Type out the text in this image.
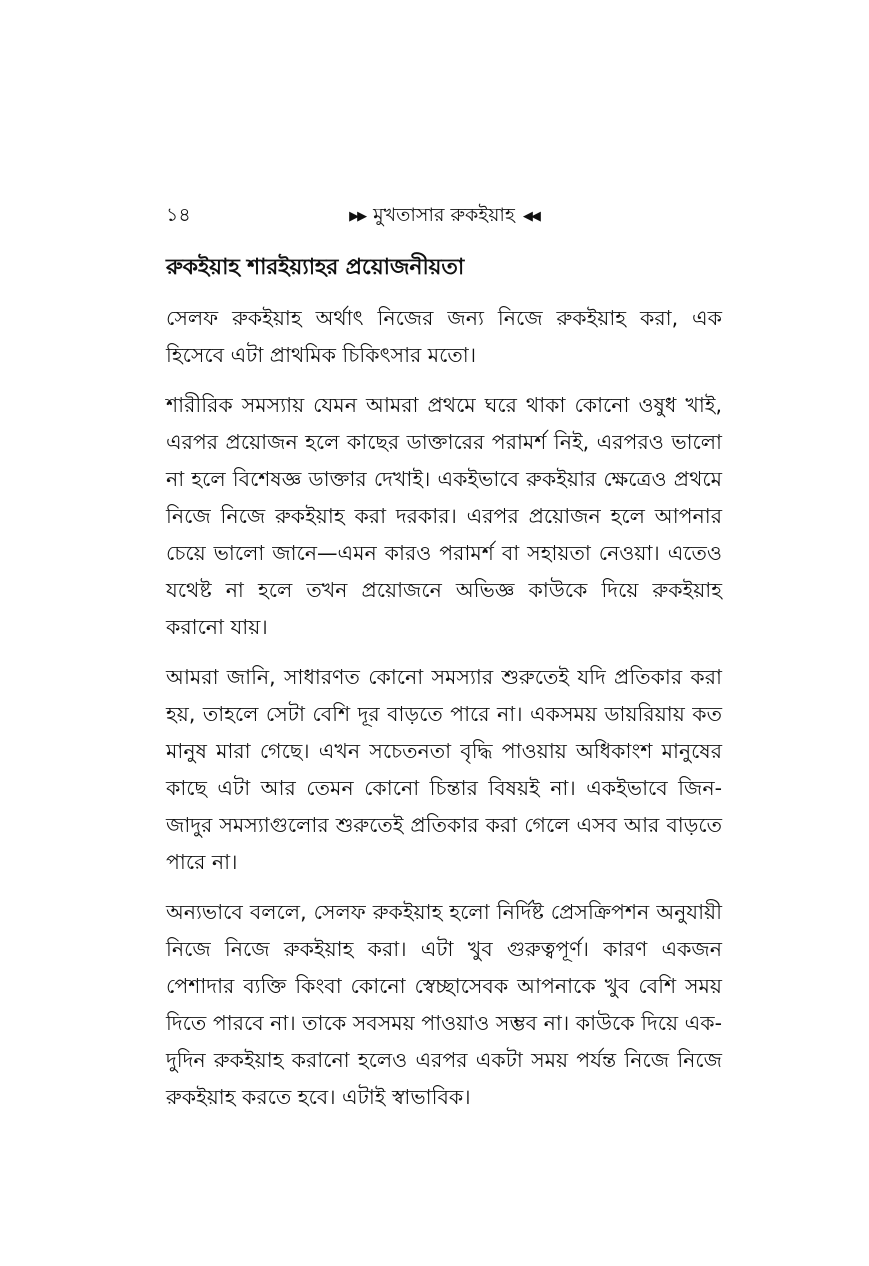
১৪	▶▶ মুখতাসার রুকইয়াহ ◀◀
রুকইয়াহ শারইয়্যাহর প্রয়োজনীয়তা

সেলফ রুকইয়াহ অর্থাৎ নিজের জন্য নিজে রুকইয়াহ করা, এক হিসেবে এটা প্রাথমিক চিকিৎসার মতো।

শারীরিক সমস্যায় যেমন আমরা প্রথমে ঘরে থাকা কোনো ওষুধ খাই, এরপর প্রয়োজন হলে কাছের ডাক্তারের পরামর্শ নিই, এরপরও ভালো না হলে বিশেষজ্ঞ ডাক্তার দেখাই। একইভাবে রুকইয়ার ক্ষেত্রেও প্রথমে নিজে নিজে রুকইয়াহ করা দরকার। এরপর প্রয়োজন হলে আপনার চেয়ে ভালো জানে—এমন কারও পরামর্শ বা সহায়তা নেওয়া। এতেও যথেষ্ট না হলে তখন প্রয়োজনে অভিজ্ঞ কাউকে দিয়ে রুকইয়াহ করানো যায়।

আমরা জানি, সাধারণত কোনো সমস্যার শুরুতেই যদি প্রতিকার করা হয়, তাহলে সেটা বেশি দূর বাড়তে পারে না। একসময় ডায়রিয়ায় কত মানুষ মারা গেছে। এখন সচেতনতা বৃদ্ধি পাওয়ায় অধিকাংশ মানুষের কাছে এটা আর তেমন কোনো চিন্তার বিষয়ই না। একইভাবে জিন-জাদুর সমস্যাগুলোর শুরুতেই প্রতিকার করা গেলে এসব আর বাড়তে পারে না।

অন্যভাবে বললে, সেলফ রুকইয়াহ হলো নির্দিষ্ট প্রেসক্রিপশন অনুযায়ী নিজে নিজে রুকইয়াহ করা। এটা খুব গুরুত্বপূর্ণ। কারণ একজন পেশাদার ব্যক্তি কিংবা কোনো স্বেচ্ছাসেবক আপনাকে খুব বেশি সময় দিতে পারবে না। তাকে সবসময় পাওয়াও সম্ভব না। কাউকে দিয়ে এক-দুদিন রুকইয়াহ করানো হলেও এরপর একটা সময় পর্যন্ত নিজে নিজে রুকইয়াহ করতে হবে। এটাই স্বাভাবিক।
